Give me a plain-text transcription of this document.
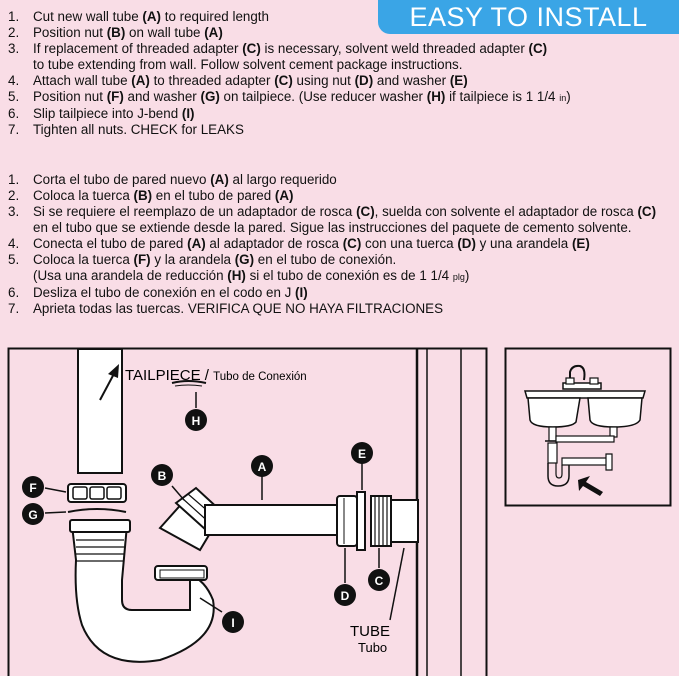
EASY TO INSTALL
1. Cut new wall tube (A) to required length
2. Position nut (B) on wall tube (A)
3. If replacement of threaded adapter (C) is necessary, solvent weld threaded adapter (C)
to tube extending from wall. Follow solvent cement package instructions.
4. Attach wall tube (A) to threaded adapter (C) using nut (D) and washer (E)
5. Position nut (F) and washer (G) on tailpiece. (Use reducer washer (H) if tailpiece is 1 1/4 in)
6. Slip tailpiece into J-bend (I)
7. Tighten all nuts. CHECK for LEAKS
1. Corta el tubo de pared nuevo (A) al largo requerido
2. Coloca la tuerca (B) en el tubo de pared (A)
3. Si se requiere el reemplazo de un adaptador de rosca (C), suelda con solvente el adaptador de rosca (C)
en el tubo que se extiende desde la pared. Sigue las instrucciones del paquete de cemento solvente.
4. Conecta el tubo de pared (A) al adaptador de rosca (C) con una tuerca (D) y una arandela (E)
5. Coloca la tuerca (F) y la arandela (G) en el tubo de conexión.
(Usa una arandela de reducción (H) si el tubo de conexión es de 1 1/4 plg)
6. Desliza el tubo de conexión en el codo en J (I)
7. Aprieta todas las tuercas. VERIFICA QUE NO HAYA FILTRACIONES
A
B
C
D
E
F
G
H
I
TAILPIECE / Tubo de Conexión
TUBE
Tubo
